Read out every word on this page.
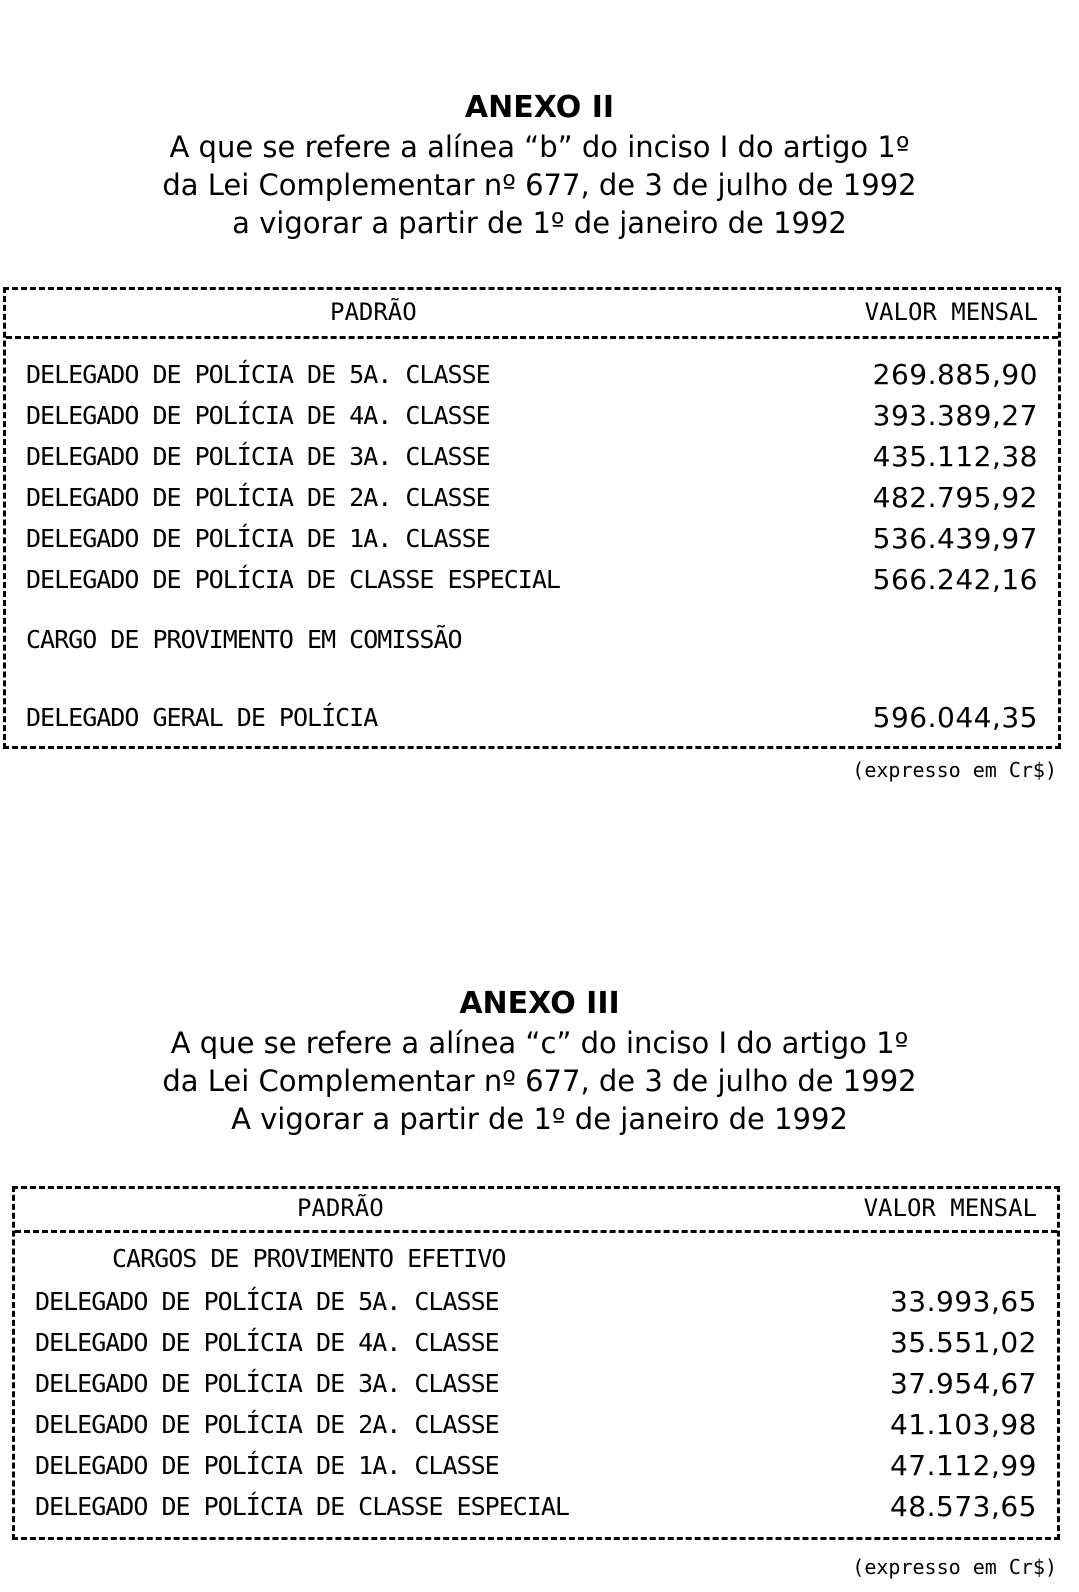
ANEXO II
A que se refere a alínea “b” do inciso I do artigo 1º
da Lei Complementar nº 677, de 3 de julho de 1992
a vigorar a partir de 1º de janeiro de 1992
PADRÃO	VALOR MENSAL
DELEGADO DE POLÍCIA DE 5A. CLASSE	269.885,90
DELEGADO DE POLÍCIA DE 4A. CLASSE	393.389,27
DELEGADO DE POLÍCIA DE 3A. CLASSE	435.112,38
DELEGADO DE POLÍCIA DE 2A. CLASSE	482.795,92
DELEGADO DE POLÍCIA DE 1A. CLASSE	536.439,97
DELEGADO DE POLÍCIA DE CLASSE ESPECIAL	566.242,16
CARGO DE PROVIMENTO EM COMISSÃO
DELEGADO GERAL DE POLÍCIA	596.044,35
(expresso em Cr$)
ANEXO III
A que se refere a alínea “c” do inciso I do artigo 1º
da Lei Complementar nº 677, de 3 de julho de 1992
A vigorar a partir de 1º de janeiro de 1992
PADRÃO	VALOR MENSAL
CARGOS DE PROVIMENTO EFETIVO
DELEGADO DE POLÍCIA DE 5A. CLASSE	33.993,65
DELEGADO DE POLÍCIA DE 4A. CLASSE	35.551,02
DELEGADO DE POLÍCIA DE 3A. CLASSE	37.954,67
DELEGADO DE POLÍCIA DE 2A. CLASSE	41.103,98
DELEGADO DE POLÍCIA DE 1A. CLASSE	47.112,99
DELEGADO DE POLÍCIA DE CLASSE ESPECIAL	48.573,65
(expresso em Cr$)
